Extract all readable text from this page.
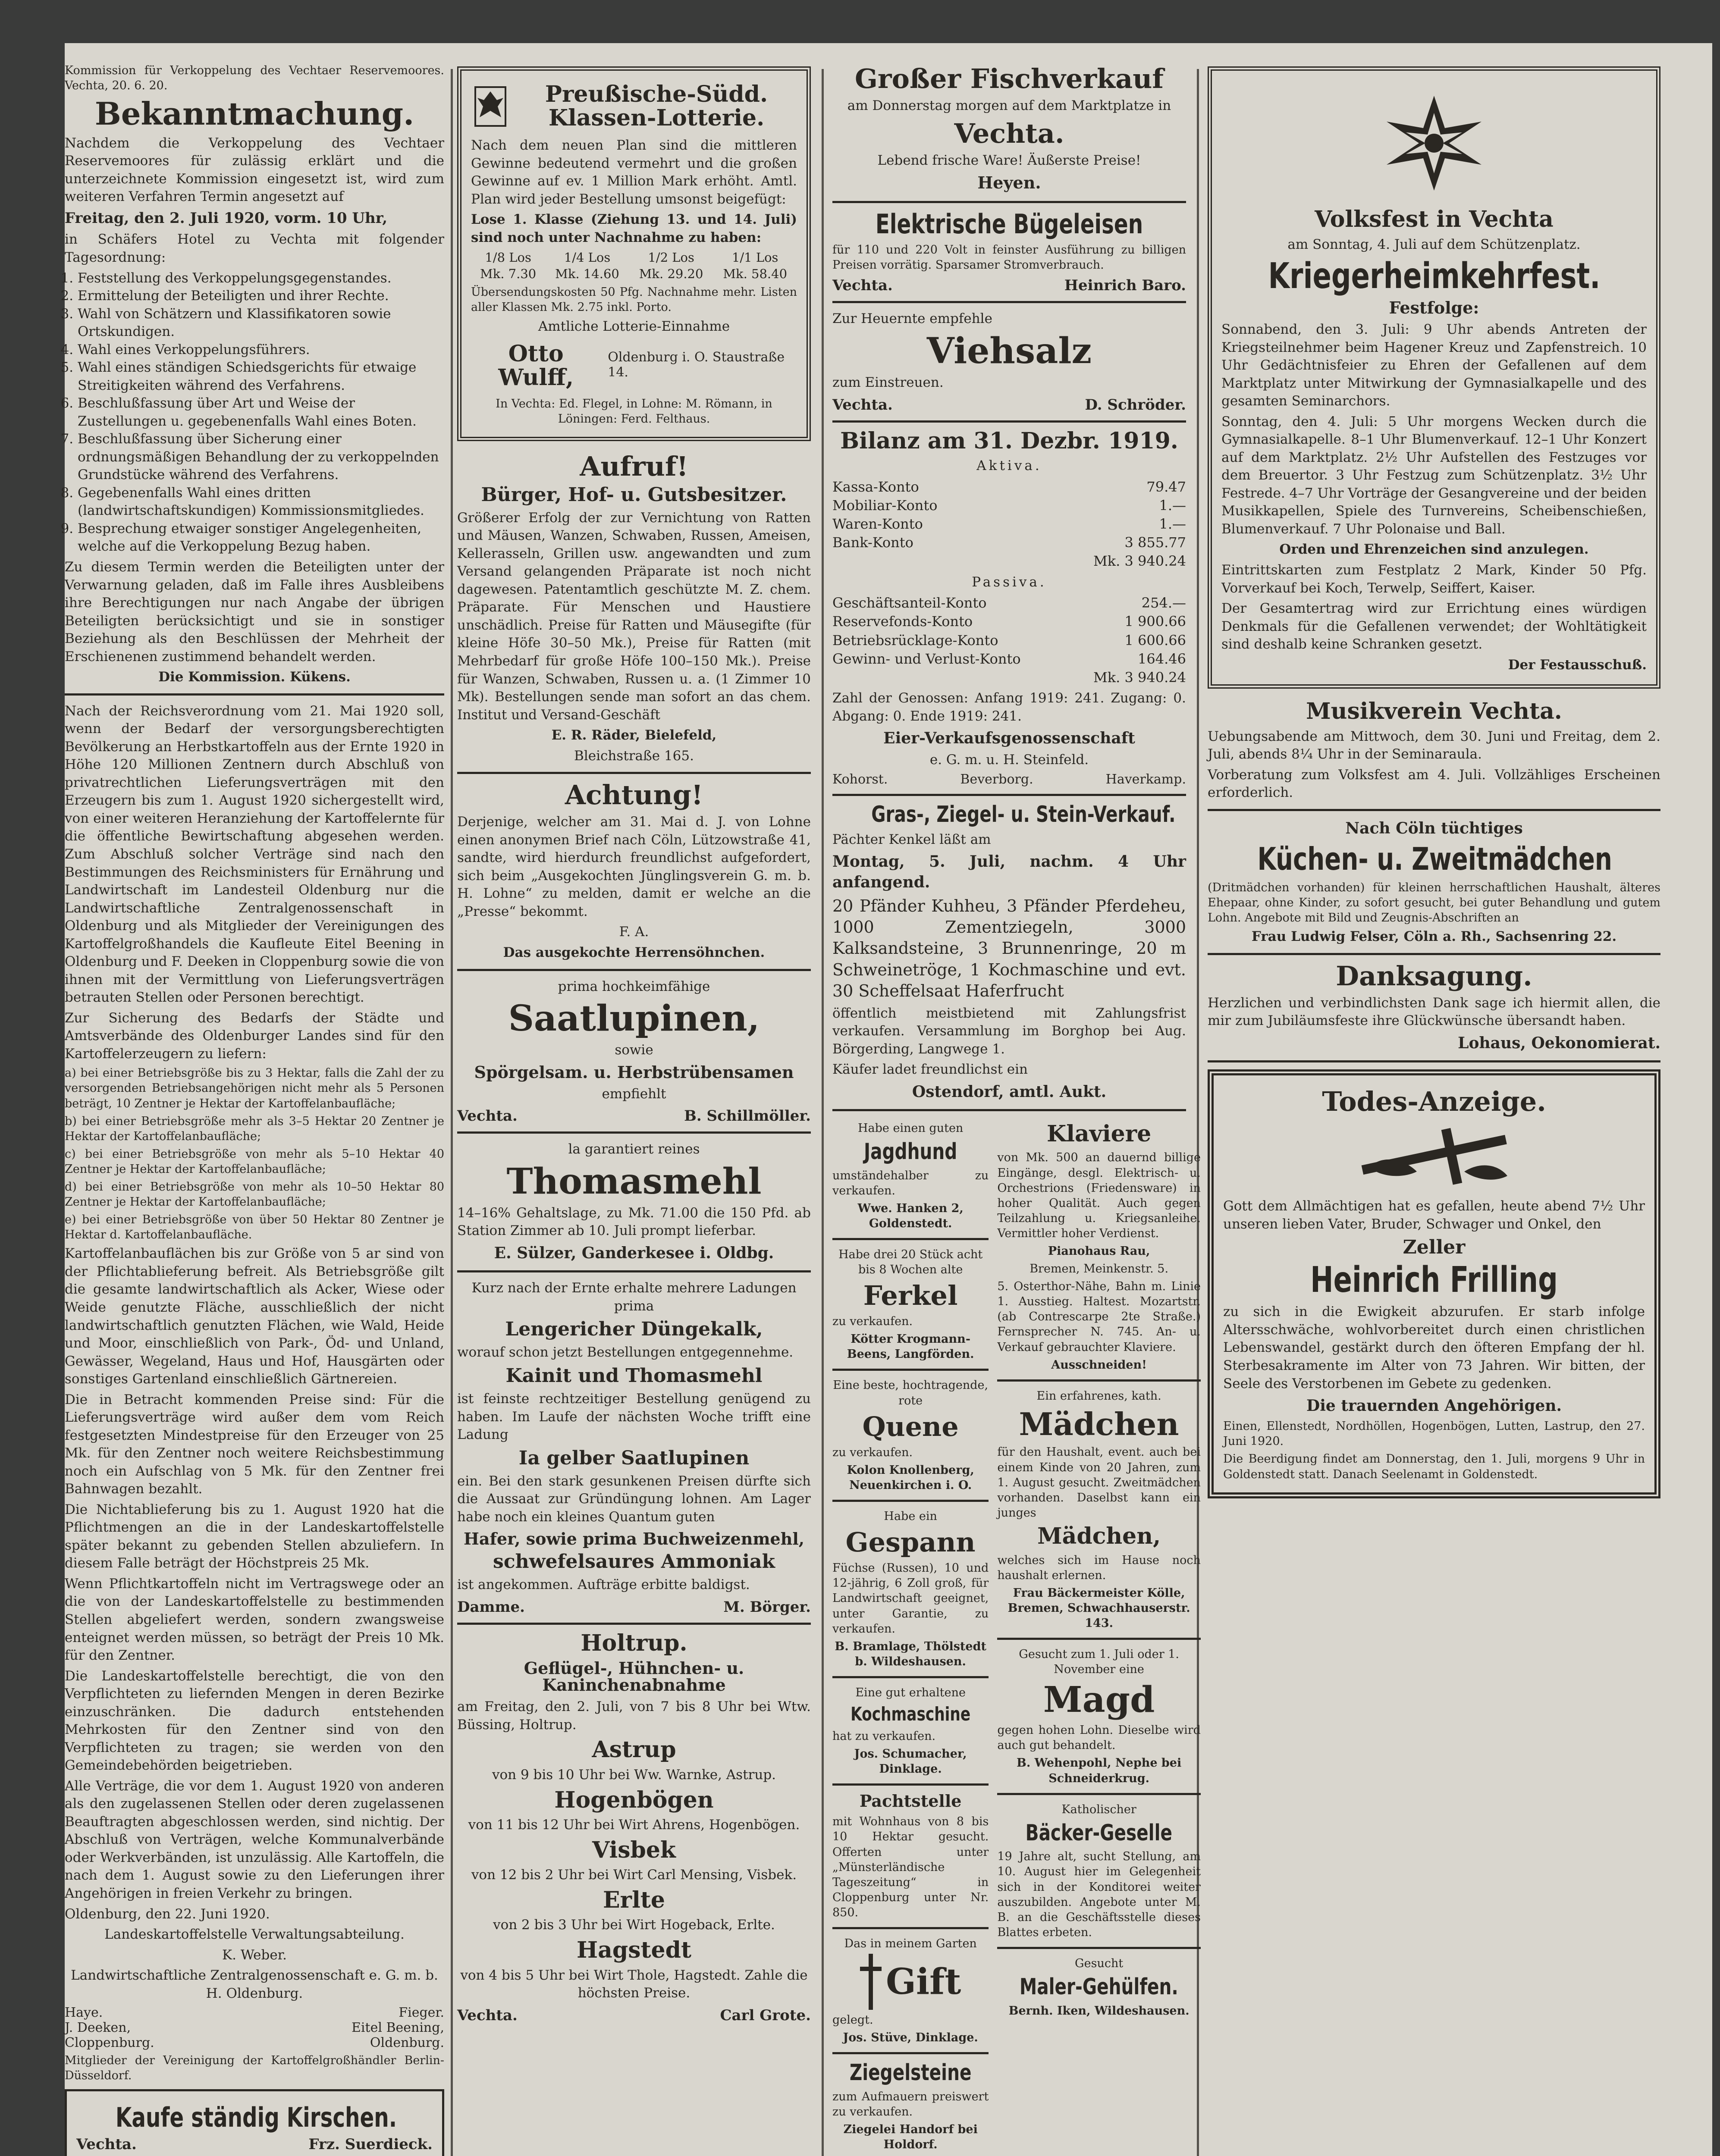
Kommission für Verkoppelung des Vechtaer Reservemoores. Vechta, 20. 6. 20.

Bekanntmachung.

Nachdem die Verkoppelung des Vechtaer Reservemoores für zulässig erklärt und die unterzeichnete Kommission eingesetzt ist, wird zum weiteren Verfahren Termin angesetzt auf

Freitag, den 2. Juli 1920, vorm. 10 Uhr,

in Schäfers Hotel zu Vechta mit folgender Tagesordnung:

1. Feststellung des Verkoppelungsgegenstandes.
2. Ermittelung der Beteiligten und ihrer Rechte.
3. Wahl von Schätzern und Klassifikatoren sowie Ortskundigen.
4. Wahl eines Verkoppelungsführers.
5. Wahl eines ständigen Schiedsgerichts für etwaige Streitigkeiten während des Verfahrens.
6. Beschlußfassung über Art und Weise der Zustellungen u. gegebenenfalls Wahl eines Boten.
7. Beschlußfassung über Sicherung einer ordnungsmäßigen Behandlung der zu verkoppelnden Grundstücke während des Verfahrens.
8. Gegebenenfalls Wahl eines dritten (landwirtschaftskundigen) Kommissionsmitgliedes.
9. Besprechung etwaiger sonstiger Angelegenheiten, welche auf die Verkoppelung Bezug haben.

Zu diesem Termin werden die Beteiligten unter der Verwarnung geladen, daß im Falle ihres Ausbleibens ihre Berechtigungen nur nach Angabe der übrigen Beteiligten berücksichtigt und sie in sonstiger Beziehung als den Beschlüssen der Mehrheit der Erschienenen zustimmend behandelt werden.

Die Kommission. Kükens.

Nach der Reichsverordnung vom 21. Mai 1920 soll, wenn der Bedarf der versorgungsberechtigten Bevölkerung an Herbstkartoffeln aus der Ernte 1920 in Höhe 120 Millionen Zentnern durch Abschluß von privatrechtlichen Lieferungsverträgen mit den Erzeugern bis zum 1. August 1920 sichergestellt wird, von einer weiteren Heranziehung der Kartoffelernte für die öffentliche Bewirtschaftung abgesehen werden. Zum Abschluß solcher Verträge sind nach den Bestimmungen des Reichsministers für Ernährung und Landwirtschaft im Landesteil Oldenburg nur die Landwirtschaftliche Zentralgenossenschaft in Oldenburg und als Mitglieder der Vereinigungen des Kartoffelgroßhandels die Kaufleute Eitel Beening in Oldenburg und F. Deeken in Cloppenburg sowie die von ihnen mit der Vermittlung von Lieferungsverträgen betrauten Stellen oder Personen berechtigt.

Zur Sicherung des Bedarfs der Städte und Amtsverbände des Oldenburger Landes sind für den Kartoffelerzeugern zu liefern:

a) bei einer Betriebsgröße bis zu 3 Hektar, falls die Zahl der zu versorgenden Betriebsangehörigen nicht mehr als 5 Personen beträgt, 10 Zentner je Hektar der Kartoffelanbaufläche;

b) bei einer Betriebsgröße mehr als 3–5 Hektar 20 Zentner je Hektar der Kartoffelanbaufläche;

c) bei einer Betriebsgröße von mehr als 5–10 Hektar 40 Zentner je Hektar der Kartoffelanbaufläche;

d) bei einer Betriebsgröße von mehr als 10–50 Hektar 80 Zentner je Hektar der Kartoffelanbaufläche;

e) bei einer Betriebsgröße von über 50 Hektar 80 Zentner je Hektar d. Kartoffelanbaufläche.

Kartoffelanbauflächen bis zur Größe von 5 ar sind von der Pflichtablieferung befreit. Als Betriebsgröße gilt die gesamte landwirtschaftlich als Acker, Wiese oder Weide genutzte Fläche, ausschließlich der nicht landwirtschaftlich genutzten Flächen, wie Wald, Heide und Moor, einschließlich von Park-, Öd- und Unland, Gewässer, Wegeland, Haus und Hof, Hausgärten oder sonstiges Gartenland einschließlich Gärtnereien.

Die in Betracht kommenden Preise sind: Für die Lieferungsverträge wird außer dem vom Reich festgesetzten Mindestpreise für den Erzeuger von 25 Mk. für den Zentner noch weitere Reichsbestimmung noch ein Aufschlag von 5 Mk. für den Zentner frei Bahnwagen bezahlt.

Die Nichtablieferung bis zu 1. August 1920 hat die Pflichtmengen an die in der Landeskartoffelstelle später bekannt zu gebenden Stellen abzuliefern. In diesem Falle beträgt der Höchstpreis 25 Mk.

Wenn Pflichtkartoffeln nicht im Vertragswege oder an die von der Landeskartoffelstelle zu bestimmenden Stellen abgeliefert werden, sondern zwangsweise enteignet werden müssen, so beträgt der Preis 10 Mk. für den Zentner.

Die Landeskartoffelstelle berechtigt, die von den Verpflichteten zu liefernden Mengen in deren Bezirke einzuschränken. Die dadurch entstehenden Mehrkosten für den Zentner sind von den Verpflichteten zu tragen; sie werden von den Gemeindebehörden beigetrieben.

Alle Verträge, die vor dem 1. August 1920 von anderen als den zugelassenen Stellen oder deren zugelassenen Beauftragten abgeschlossen werden, sind nichtig. Der Abschluß von Verträgen, welche Kommunalverbände oder Werkverbänden, ist unzulässig. Alle Kartoffeln, die nach dem 1. August sowie zu den Lieferungen ihrer Angehörigen in freien Verkehr zu bringen.

Oldenburg, den 22. Juni 1920.

Landeskartoffelstelle Verwaltungsabteilung.

K. Weber.

Landwirtschaftliche Zentralgenossenschaft e. G. m. b. H. Oldenburg.

Haye.	Fieger.
J. Deeken,	Eitel Beening,
Cloppenburg.	Oldenburg.

Mitglieder der Vereinigung der Kartoffelgroßhändler Berlin-Düsseldorf.

Kaufe ständig Kirschen.
Vechta.	Frz. Suerdieck.
Preußische-Südd. Klassen-Lotterie.

Nach dem neuen Plan sind die mittleren Gewinne bedeutend vermehrt und die großen Gewinne auf ev. 1 Million Mark erhöht. Amtl. Plan wird jeder Bestellung umsonst beigefügt:

Lose 1. Klasse (Ziehung 13. und 14. Juli) sind noch unter Nachnahme zu haben:

1/8 Los	1/4 Los	1/2 Los	1/1 Los
Mk. 7.30	Mk. 14.60	Mk. 29.20	Mk. 58.40

Übersendungskosten 50 Pfg. Nachnahme mehr. Listen aller Klassen Mk. 2.75 inkl. Porto.

Amtliche Lotterie-Einnahme

Otto Wulff,
Oldenburg i. O. Staustraße 14.

In Vechta: Ed. Flegel, in Lohne: M. Römann, in Löningen: Ferd. Felthaus.

Aufruf!
Bürger, Hof- u. Gutsbesitzer.

Größerer Erfolg der zur Vernichtung von Ratten und Mäusen, Wanzen, Schwaben, Russen, Ameisen, Kellerasseln, Grillen usw. angewandten und zum Versand gelangenden Präparate ist noch nicht dagewesen. Patentamtlich geschützte M. Z. chem. Präparate. Für Menschen und Haustiere unschädlich. Preise für Ratten und Mäusegifte (für kleine Höfe 30–50 Mk.), Preise für Ratten (mit Mehrbedarf für große Höfe 100–150 Mk.). Preise für Wanzen, Schwaben, Russen u. a. (1 Zimmer 10 Mk). Bestellungen sende man sofort an das chem. Institut und Versand-Geschäft

E. R. Räder, Bielefeld,

Bleichstraße 165.

Achtung!

Derjenige, welcher am 31. Mai d. J. von Lohne einen anonymen Brief nach Cöln, Lützowstraße 41, sandte, wird hierdurch freundlichst aufgefordert, sich beim „Ausgekochten Jünglingsverein G. m. b. H. Lohne“ zu melden, damit er welche an die „Presse“ bekommt.

F. A.

Das ausgekochte Herrensöhnchen.

prima hochkeimfähige

Saatlupinen,

sowie

Spörgelsam. u. Herbstrübensamen

empfiehlt

Vechta.	B. Schillmöller.

la garantiert reines

Thomasmehl

14–16% Gehaltslage, zu Mk. 71.00 die 150 Pfd. ab Station Zimmer ab 10. Juli prompt lieferbar.

E. Sülzer, Ganderkesee i. Oldbg.

Kurz nach der Ernte erhalte mehrere Ladungen prima

Lengericher Düngekalk,

worauf schon jetzt Bestellungen entgegennehme.

Kainit und Thomasmehl

ist feinste rechtzeitiger Bestellung genügend zu haben. Im Laufe der nächsten Woche trifft eine Ladung

Ia gelber Saatlupinen

ein. Bei den stark gesunkenen Preisen dürfte sich die Aussaat zur Gründüngung lohnen. Am Lager habe noch ein kleines Quantum guten

Hafer, sowie prima Buchweizenmehl,
schwefelsaures Ammoniak

ist angekommen. Aufträge erbitte baldigst.

Damme.	M. Börger.
Holtrup.
Geflügel-, Hühnchen- u. Kaninchenabnahme

am Freitag, den 2. Juli, von 7 bis 8 Uhr bei Wtw. Büssing, Holtrup.

Astrup

von 9 bis 10 Uhr bei Ww. Warnke, Astrup.

Hogenbögen

von 11 bis 12 Uhr bei Wirt Ahrens, Hogenbögen.

Visbek

von 12 bis 2 Uhr bei Wirt Carl Mensing, Visbek.

Erlte

von 2 bis 3 Uhr bei Wirt Hogeback, Erlte.

Hagstedt

von 4 bis 5 Uhr bei Wirt Thole, Hagstedt. Zahle die höchsten Preise.

Vechta.	Carl Grote.
Großer Fischverkauf

am Donnerstag morgen auf dem Marktplatze in

Vechta.

Lebend frische Ware! Äußerste Preise!

Heyen.

Elektrische Bügeleisen

für 110 und 220 Volt in feinster Ausführung zu billigen Preisen vorrätig. Sparsamer Stromverbrauch.

Vechta.	Heinrich Baro.

Zur Heuernte empfehle

Viehsalz

zum Einstreuen.

Vechta.	D. Schröder.
Bilanz am 31. Dezbr. 1919.

Aktiva.

Kassa-Konto	79.47
Mobiliar-Konto	1.—
Waren-Konto	1.—
Bank-Konto	3 855.77
Mk. 3 940.24

Passiva.

Geschäftsanteil-Konto	254.—
Reservefonds-Konto	1 900.66
Betriebsrücklage-Konto	1 600.66
Gewinn- und Verlust-Konto	164.46
Mk. 3 940.24

Zahl der Genossen: Anfang 1919: 241. Zugang: 0. Abgang: 0. Ende 1919: 241.

Eier-Verkaufsgenossenschaft

e. G. m. u. H. Steinfeld.

Kohorst.	Beverborg.	Haverkamp.
Gras-, Ziegel- u. Stein-Verkauf.

Pächter Kenkel läßt am

Montag, 5. Juli, nachm. 4 Uhr anfangend.

20 Pfänder Kuhheu, 3 Pfänder Pferdeheu, 1000 Zementziegeln, 3000 Kalksandsteine, 3 Brunnenringe, 20 m Schweinetröge, 1 Kochmaschine und evt. 30 Scheffelsaat Haferfrucht

öffentlich meistbietend mit Zahlungsfrist verkaufen. Versammlung im Borghop bei Aug. Börgerding, Langwege 1.

Käufer ladet freundlichst ein

Ostendorf, amtl. Aukt.

Habe einen guten

Jagdhund

umständehalber zu verkaufen.

Wwe. Hanken 2, Goldenstedt.

Habe drei 20 Stück acht bis 8 Wochen alte

Ferkel

zu verkaufen.

Kötter Krogmann-Beens, Langförden.

Eine beste, hochtragende, rote

Quene

zu verkaufen.

Kolon Knollenberg, Neuenkirchen i. O.

Habe ein

Gespann

Füchse (Russen), 10 und 12-jährig, 6 Zoll groß, für Landwirtschaft geeignet, unter Garantie, zu verkaufen.

B. Bramlage, Thölstedt b. Wildeshausen.

Eine gut erhaltene

Kochmaschine

hat zu verkaufen.

Jos. Schumacher, Dinklage.

Pachtstelle

mit Wohnhaus von 8 bis 10 Hektar gesucht. Offerten unter „Münsterländische Tageszeitung“ in Cloppenburg unter Nr. 850.

Das in meinem Garten

Gift

gelegt.

Jos. Stüve, Dinklage.

Ziegelsteine

zum Aufmauern preiswert zu verkaufen.

Ziegelei Handorf bei Holdorf.

Klaviere

von Mk. 500 an dauernd billige Eingänge, desgl. Elektrisch- u. Orchestrions (Friedensware) in hoher Qualität. Auch gegen Teilzahlung u. Kriegsanleihe. Vermittler hoher Verdienst.

Pianohaus Rau,

Bremen, Meinkenstr. 5.

5. Osterthor-Nähe, Bahn m. Linie 1. Ausstieg. Haltest. Mozartstr. (ab Contrescarpe 2te Straße.) Fernsprecher N. 745. An- u. Verkauf gebrauchter Klaviere.

Ausschneiden!

Ein erfahrenes, kath.

Mädchen

für den Haushalt, event. auch bei einem Kinde von 20 Jahren, zum 1. August gesucht. Zweitmädchen vorhanden. Daselbst kann ein junges

Mädchen,

welches sich im Hause noch haushalt erlernen.

Frau Bäckermeister Kölle, Bremen, Schwachhauserstr. 143.

Gesucht zum 1. Juli oder 1. November eine

Magd

gegen hohen Lohn. Dieselbe wird auch gut behandelt.

B. Wehenpohl, Nephe bei Schneiderkrug.

Katholischer

Bäcker-Geselle

19 Jahre alt, sucht Stellung, am 10. August hier im Gelegenheit sich in der Konditorei weiter auszubilden. Angebote unter M. B. an die Geschäftsstelle dieses Blattes erbeten.

Gesucht

Maler-Gehülfen.

Bernh. Iken, Wildeshausen.

Volksfest in Vechta

am Sonntag, 4. Juli auf dem Schützenplatz.

Kriegerheimkehrfest.
Festfolge:

Sonnabend, den 3. Juli: 9 Uhr abends Antreten der Kriegsteilnehmer beim Hagener Kreuz und Zapfenstreich. 10 Uhr Gedächtnisfeier zu Ehren der Gefallenen auf dem Marktplatz unter Mitwirkung der Gymnasialkapelle und des gesamten Seminarchors.

Sonntag, den 4. Juli: 5 Uhr morgens Wecken durch die Gymnasialkapelle. 8–1 Uhr Blumenverkauf. 12–1 Uhr Konzert auf dem Marktplatz. 2½ Uhr Aufstellen des Festzuges vor dem Breuertor. 3 Uhr Festzug zum Schützenplatz. 3½ Uhr Festrede. 4–7 Uhr Vorträge der Gesangvereine und der beiden Musikkapellen, Spiele des Turnvereins, Scheibenschießen, Blumenverkauf. 7 Uhr Polonaise und Ball.

Orden und Ehrenzeichen sind anzulegen.

Eintrittskarten zum Festplatz 2 Mark, Kinder 50 Pfg. Vorverkauf bei Koch, Terwelp, Seiffert, Kaiser.

Der Gesamtertrag wird zur Errichtung eines würdigen Denkmals für die Gefallenen verwendet; der Wohltätigkeit sind deshalb keine Schranken gesetzt.

Der Festausschuß.

Musikverein Vechta.

Uebungsabende am Mittwoch, dem 30. Juni und Freitag, dem 2. Juli, abends 8¼ Uhr in der Seminaraula.

Vorberatung zum Volksfest am 4. Juli. Vollzähliges Erscheinen erforderlich.

Nach Cöln tüchtiges

Küchen- u. Zweitmädchen

(Dritmädchen vorhanden) für kleinen herrschaftlichen Haushalt, älteres Ehepaar, ohne Kinder, zu sofort gesucht, bei guter Behandlung und gutem Lohn. Angebote mit Bild und Zeugnis-Abschriften an

Frau Ludwig Felser, Cöln a. Rh., Sachsenring 22.

Danksagung.

Herzlichen und verbindlichsten Dank sage ich hiermit allen, die mir zum Jubiläumsfeste ihre Glückwünsche übersandt haben.

Lohaus, Oekonomierat.

Todes-Anzeige.

Gott dem Allmächtigen hat es gefallen, heute abend 7½ Uhr unseren lieben Vater, Bruder, Schwager und Onkel, den

Zeller
Heinrich Frilling

zu sich in die Ewigkeit abzurufen. Er starb infolge Altersschwäche, wohlvorbereitet durch einen christlichen Lebenswandel, gestärkt durch den öfteren Empfang der hl. Sterbesakramente im Alter von 73 Jahren. Wir bitten, der Seele des Verstorbenen im Gebete zu gedenken.

Die trauernden Angehörigen.

Einen, Ellenstedt, Nordhöllen, Hogenbögen, Lutten, Lastrup, den 27. Juni 1920.

Die Beerdigung findet am Donnerstag, den 1. Juli, morgens 9 Uhr in Goldenstedt statt. Danach Seelenamt in Goldenstedt.
